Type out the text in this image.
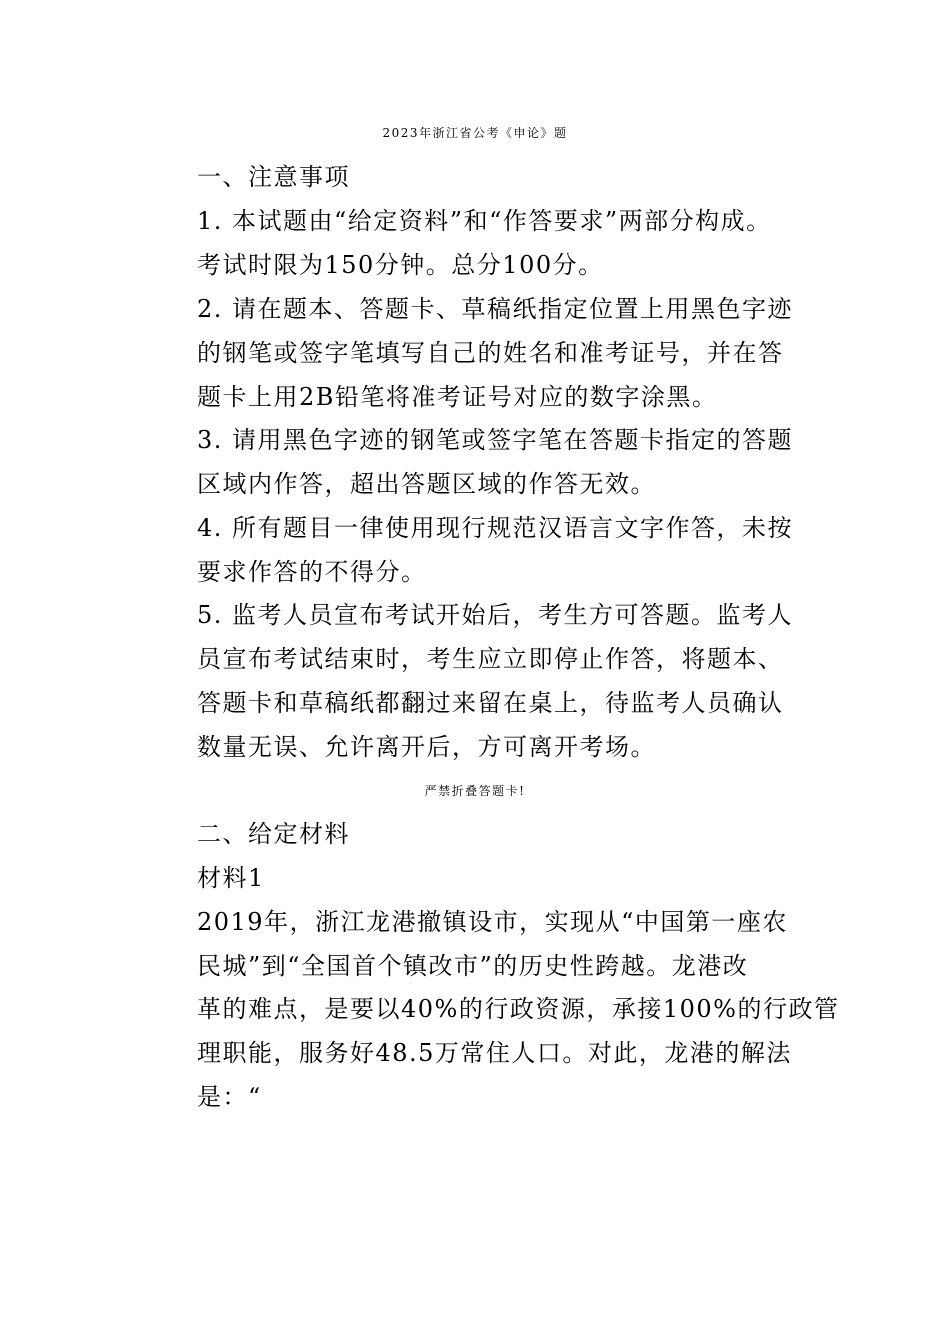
2023年浙江省公考《申论》题
一、注意事项
1. 本试题由“给定资料”和“作答要求”两部分构成。
考试时限为150分钟。总分100分。
2. 请在题本、答题卡、草稿纸指定位置上用黑色字迹
的钢笔或签字笔填写自己的姓名和准考证号，并在答
题卡上用2B铅笔将准考证号对应的数字涂黑。
3. 请用黑色字迹的钢笔或签字笔在答题卡指定的答题
区域内作答，超出答题区域的作答无效。
4. 所有题目一律使用现行规范汉语言文字作答，未按
要求作答的不得分。
5. 监考人员宣布考试开始后，考生方可答题。监考人
员宣布考试结束时，考生应立即停止作答，将题本、
答题卡和草稿纸都翻过来留在桌上，待监考人员确认
数量无误、允许离开后，方可离开考场。
严禁折叠答题卡!
二、给定材料
材料1
2019年，浙江龙港撤镇设市，实现从“中国第一座农
民城”到“全国首个镇改市”的历史性跨越。龙港改
革的难点，是要以40%的行政资源，承接100%的行政管
理职能，服务好48.5万常住人口。对此，龙港的解法
是：“
